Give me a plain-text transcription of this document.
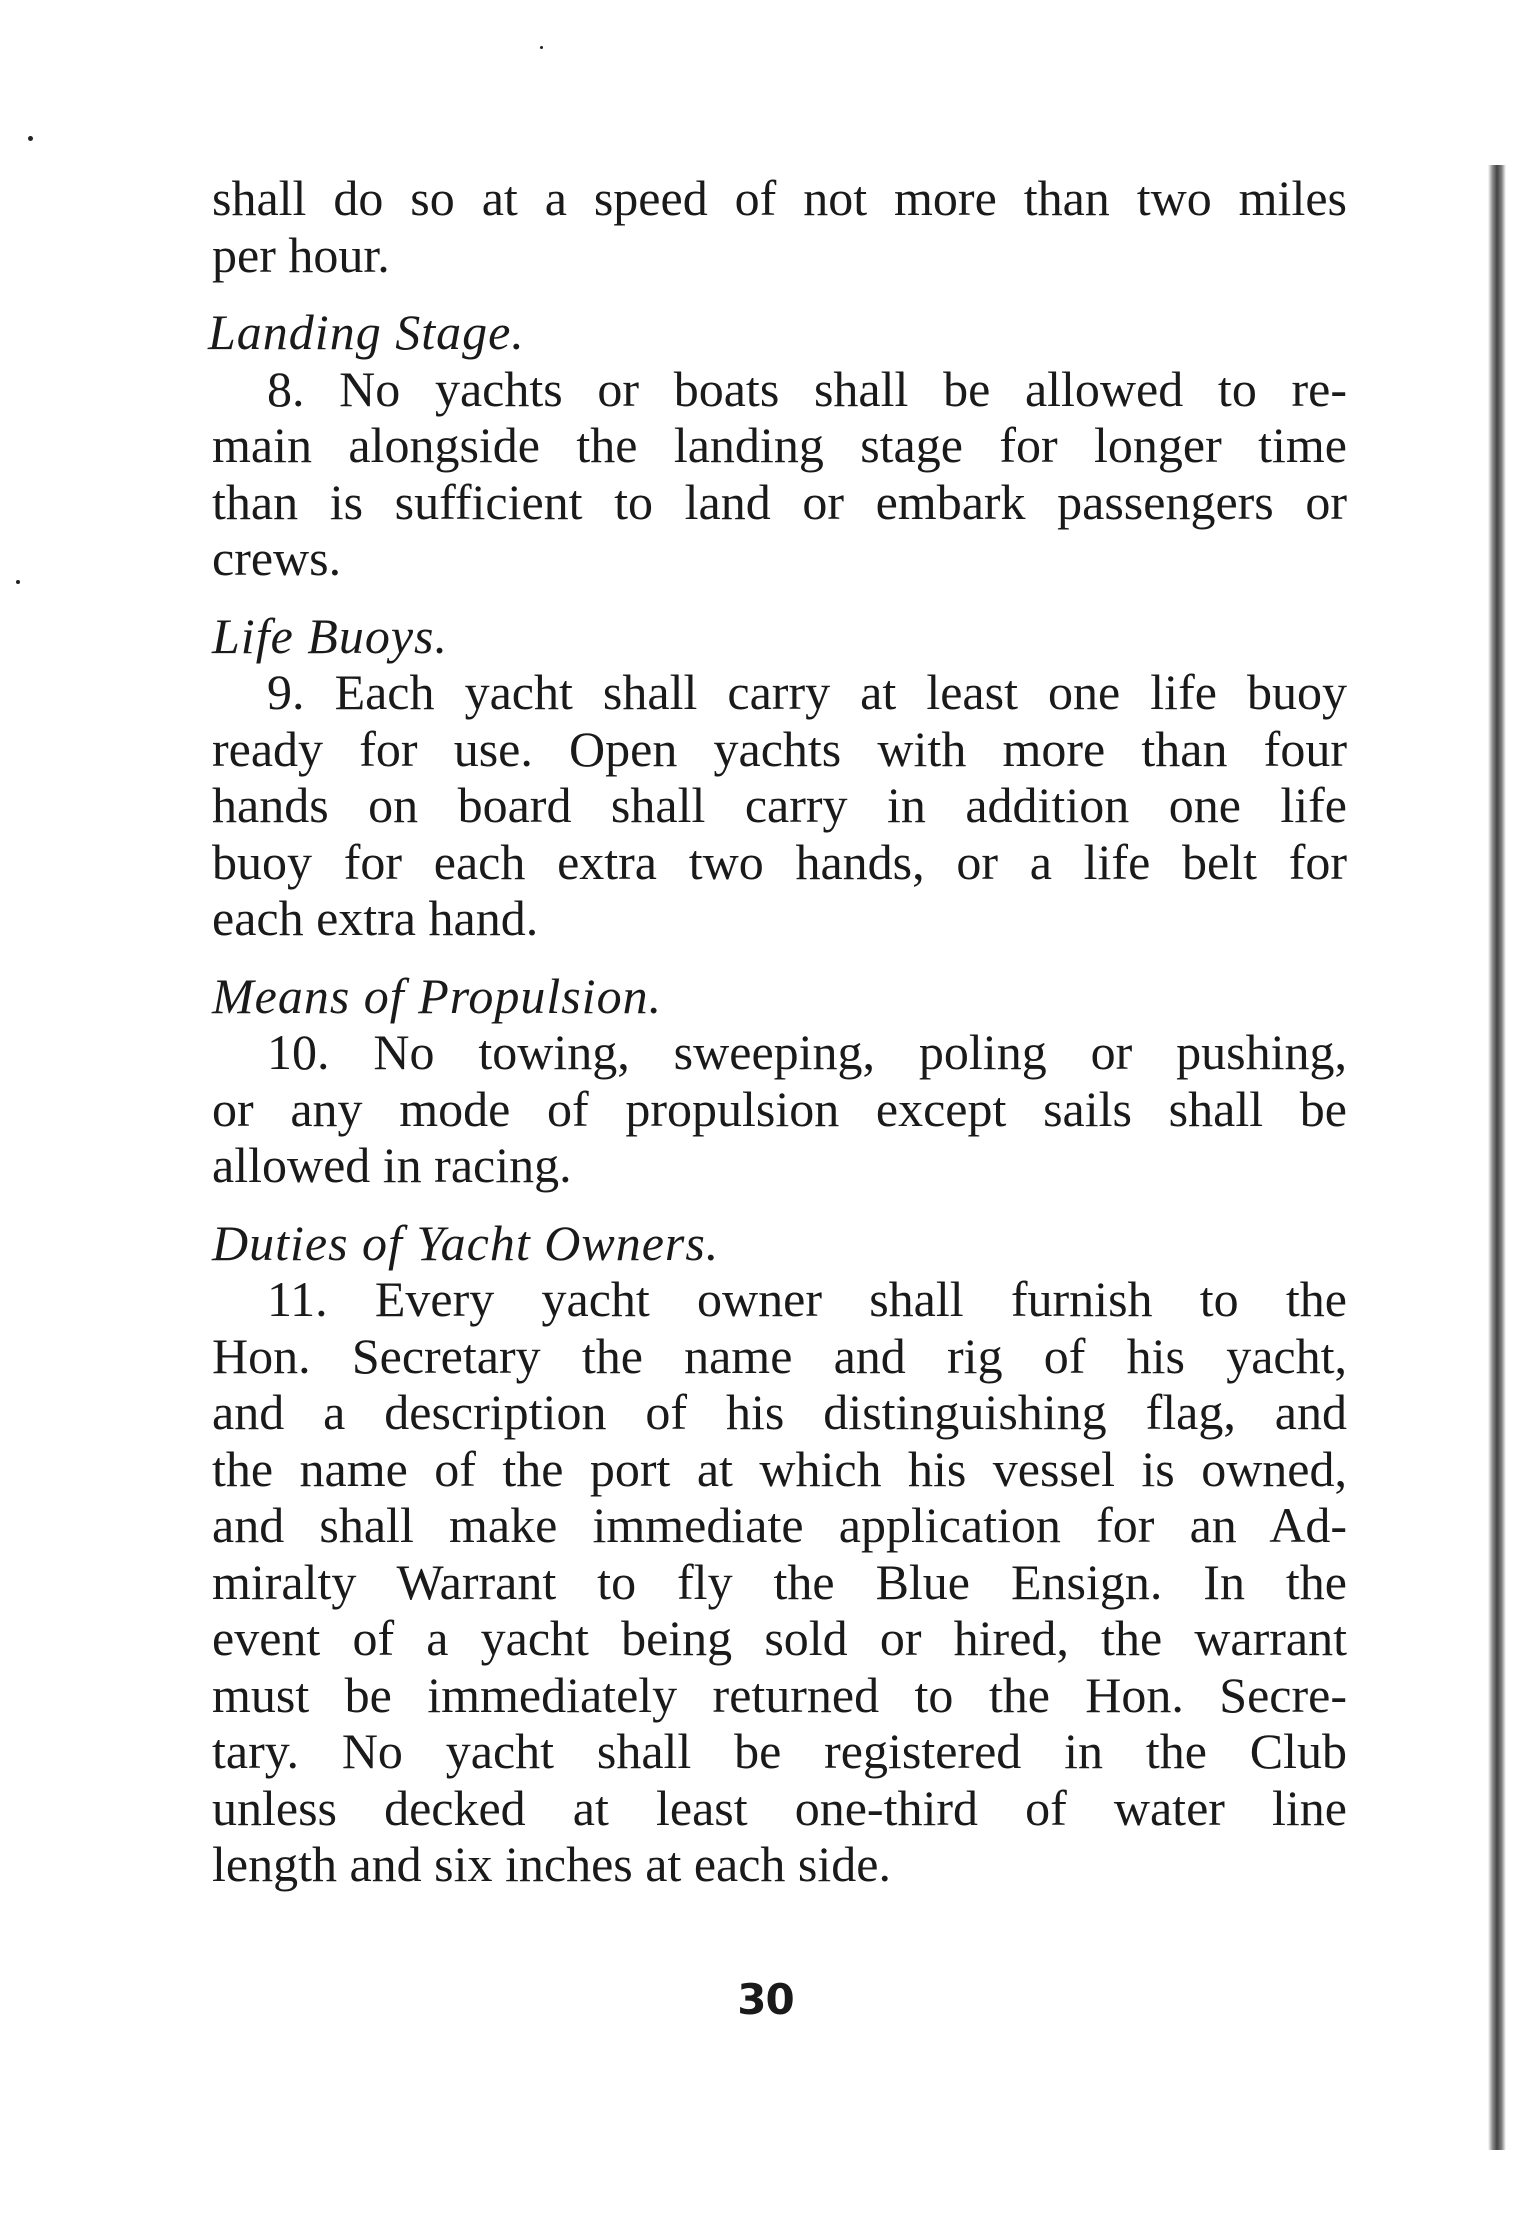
shall do so at a speed of not more than two miles
per hour.
Landing Stage.
8. No yachts or boats shall be allowed to re-
main alongside the landing stage for longer time
than is sufficient to land or embark passengers or
crews.
Life Buoys.
9. Each yacht shall carry at least one life buoy
ready for use. Open yachts with more than four
hands on board shall carry in addition one life
buoy for each extra two hands, or a life belt for
each extra hand.
Means of Propulsion.
10. No towing, sweeping, poling or pushing,
or any mode of propulsion except sails shall be
allowed in racing.
Duties of Yacht Owners.
11. Every yacht owner shall furnish to the
Hon. Secretary the name and rig of his yacht,
and a description of his distinguishing flag, and
the name of the port at which his vessel is owned,
and shall make immediate application for an Ad-
miralty Warrant to fly the Blue Ensign. In the
event of a yacht being sold or hired, the warrant
must be immediately returned to the Hon. Secre-
tary. No yacht shall be registered in the Club
unless decked at least one-third of water line
length and six inches at each side.
30
